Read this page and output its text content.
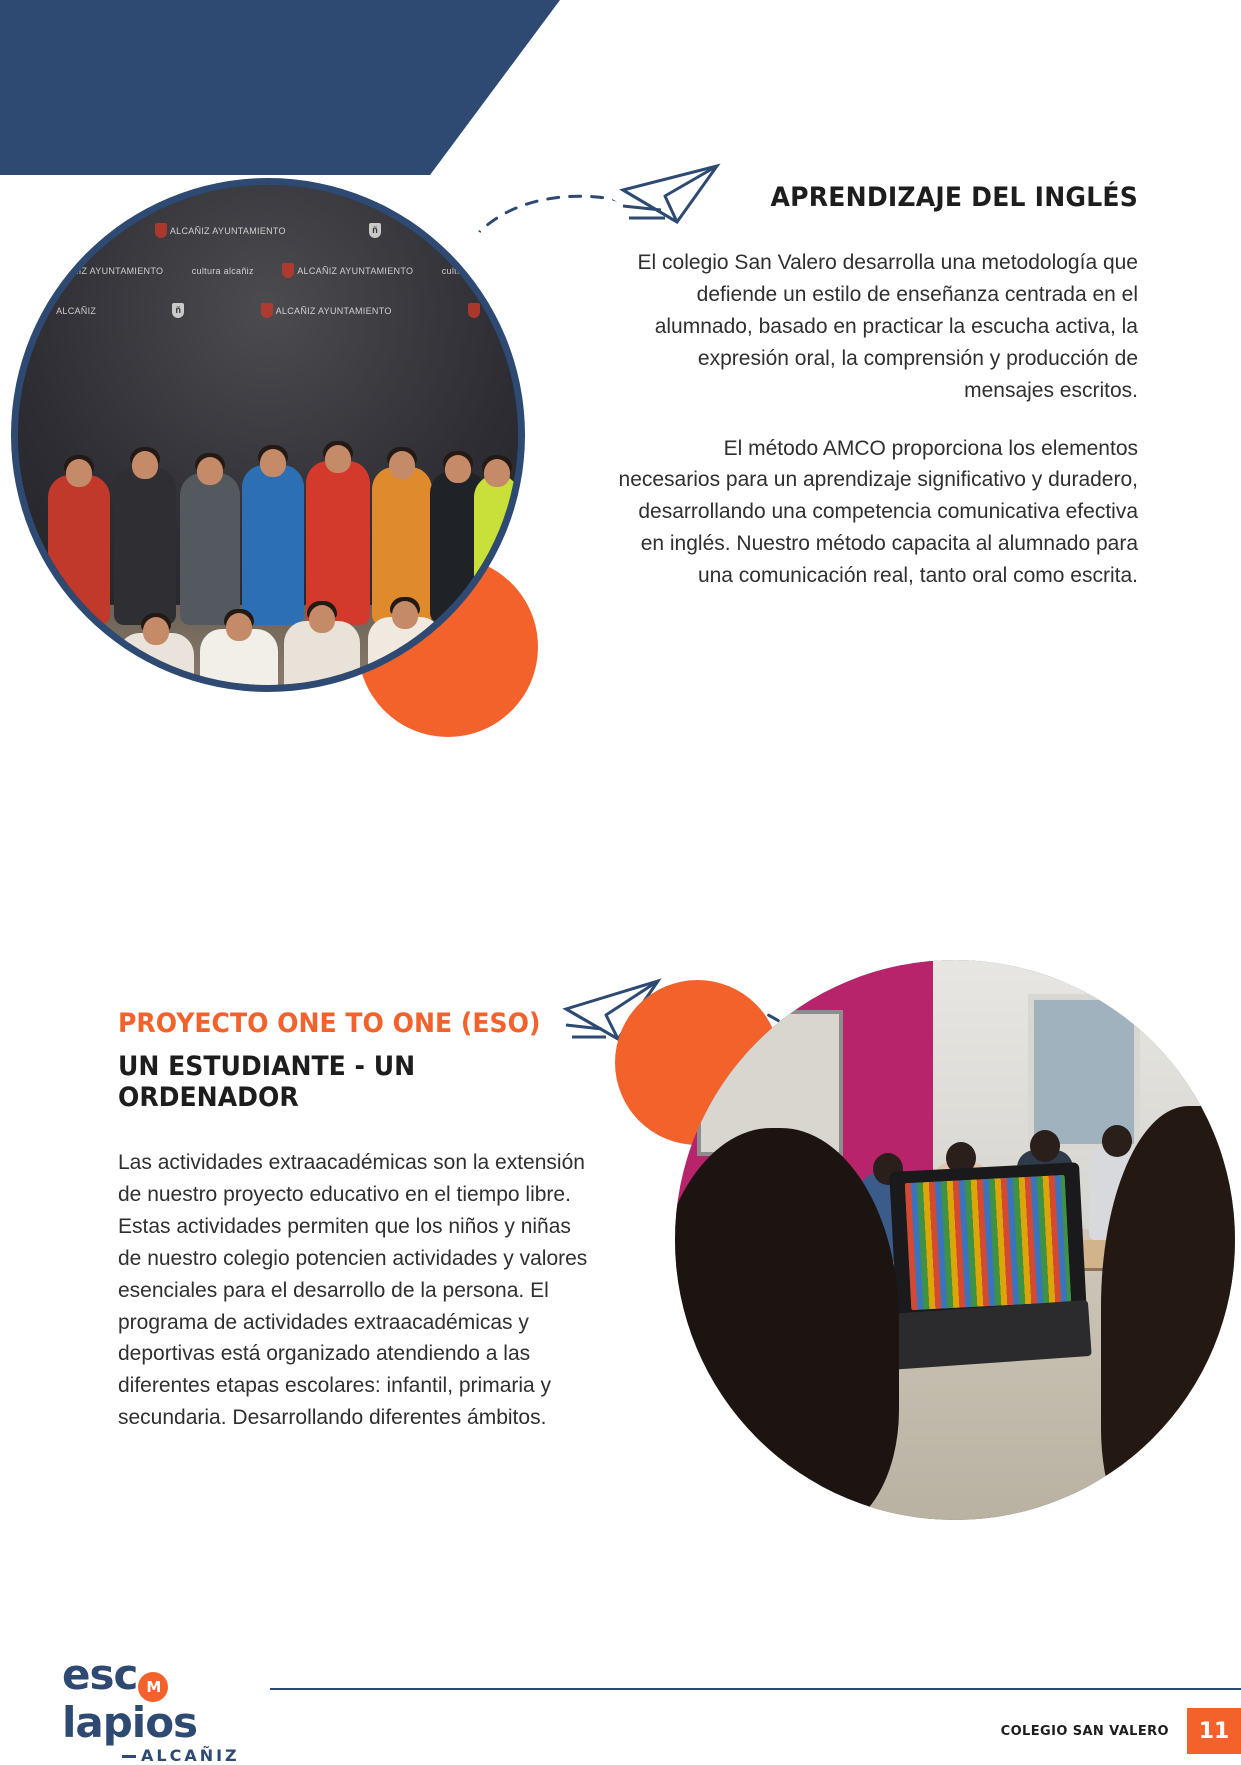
ALCAÑIZ AYUNTAMIENTO	ñ
ALCAÑIZ AYUNTAMIENTO	cultura alcañiz	ALCAÑIZ AYUNTAMIENTO	cultura alcañiz
ALCAÑIZ	ñ	ALCAÑIZ AYUNTAMIENTO
APRENDIZAJE DEL INGLÉS

El colegio San Valero desarrolla una metodología que defiende un estilo de enseñanza centrada en el alumnado, basado en practicar la escucha activa, la expresión oral, la comprensión y producción de mensajes escritos.

El método AMCO proporciona los elementos necesarios para un aprendizaje significativo y duradero, desarrollando una competencia comunicativa efectiva en inglés. Nuestro método capacita al alumnado para una comunicación real, tanto oral como escrita.

PROYECTO ONE TO ONE (ESO)
UN ESTUDIANTE - UN ORDENADOR

Las actividades extraacadémicas son la extensión de nuestro proyecto educativo en el tiempo libre. Estas actividades permiten que los niños y niñas de nuestro colegio potencien actividades y valores esenciales para el desarrollo de la persona. El programa de actividades extraacadémicas y deportivas está organizado atendiendo a las diferentes etapas escolares: infantil, primaria y secundaria. Desarrollando diferentes ámbitos.

esc Mlapios
ALCAÑIZ
COLEGIO SAN VALERO	11
